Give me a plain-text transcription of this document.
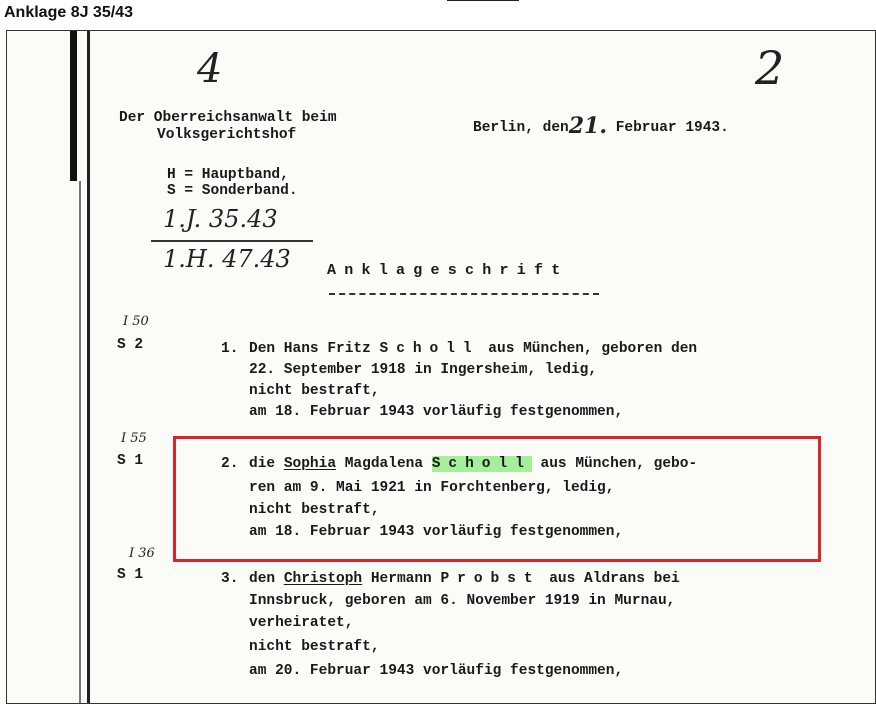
Anklage 8J 35/43
4	2
Der Oberreichsanwalt beim
Volksgerichtshof	Berlin, den21. Februar 1943.
H = Hauptband,
S = Sonderband.
1.J. 35.43
1.H. 47.43 Anklageschrift
I 50
S 2	1. Den Hans Fritz Scholl aus München, geboren den
22. September 1918 in Ingersheim, ledig,
nicht bestraft,
am 18. Februar 1943 vorläufig festgenommen,
I 55
S 1	2. die Sophia Magdalena Scholl aus München, gebo-
ren am 9. Mai 1921 in Forchtenberg, ledig,
nicht bestraft,
am 18. Februar 1943 vorläufig festgenommen,
I 36
S 1	3. den Christoph Hermann Probst aus Aldrans bei
Innsbruck, geboren am 6. November 1919 in Murnau,
verheiratet,
nicht bestraft,
am 20. Februar 1943 vorläufig festgenommen,
